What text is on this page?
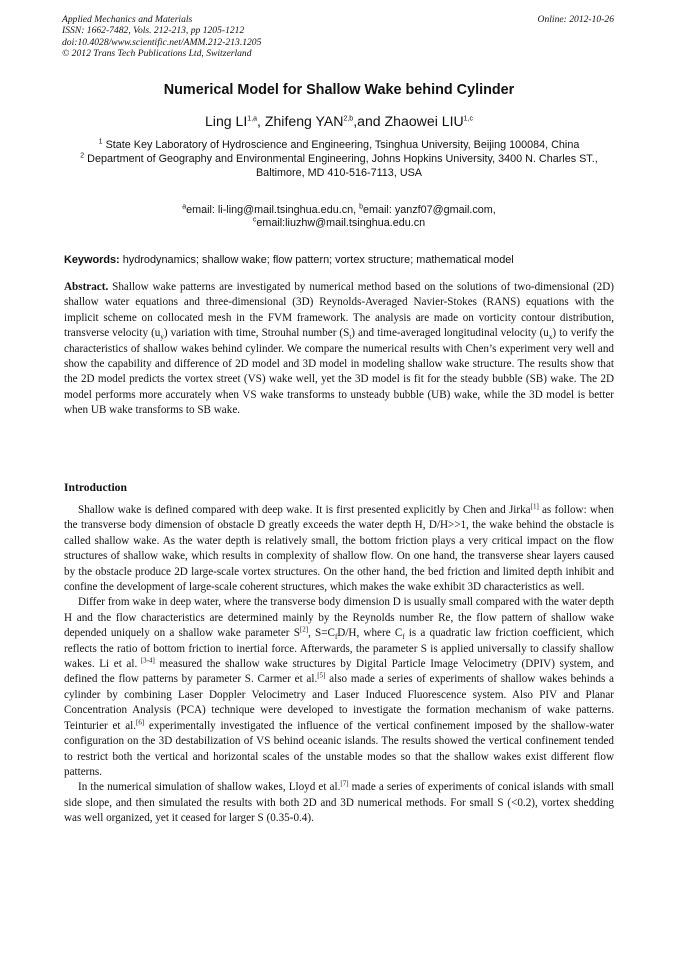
Applied Mechanics and Materials
ISSN: 1662-7482, Vols. 212-213, pp 1205-1212
doi:10.4028/www.scientific.net/AMM.212-213.1205
© 2012 Trans Tech Publications Ltd, Switzerland
Online: 2012-10-26
Numerical Model for Shallow Wake behind Cylinder
Ling LI$^{1,a}$, Zhifeng YAN$^{2,b}$,and Zhaowei LIU$^{1,c}$
$^1$ State Key Laboratory of Hydroscience and Engineering, Tsinghua University, Beijing 100084, China
$^2$ Department of Geography and Environmental Engineering, Johns Hopkins University, 3400 N. Charles ST., Baltimore, MD 410-516-7113, USA
$^a$email: li-ling@mail.tsinghua.edu.cn, $^b$email: yanzf07@gmail.com,
$^c$email:liuzhw@mail.tsinghua.edu.cn
Keywords: hydrodynamics; shallow wake; flow pattern; vortex structure; mathematical model

Abstract. Shallow wake patterns are investigated by numerical method based on the solutions of two-dimensional (2D) shallow water equations and three-dimensional (3D) Reynolds-Averaged Navier-Stokes (RANS) equations with the implicit scheme on collocated mesh in the FVM framework. The analysis are made on vorticity contour distribution, transverse velocity $(u_y)$ variation with time, Strouhal number $(S_t)$ and time-averaged longitudinal velocity $(u_x)$ to verify the characteristics of shallow wakes behind cylinder. We compare the numerical results with Chen’s experiment very well and show the capability and difference of 2D model and 3D model in modeling shallow wake structure. The results show that the 2D model predicts the vortex street (VS) wake well, yet the 3D model is fit for the steady bubble (SB) wake. The 2D model performs more accurately when VS wake transforms to unsteady bubble (UB) wake, while the 3D model is better when UB wake transforms to SB wake.

Introduction

Shallow wake is defined compared with deep wake. It is first presented explicitly by Chen and Jirka[1] as follow: when the transverse body dimension of obstacle D greatly exceeds the water depth H, D/H>>1, the wake behind the obstacle is called shallow wake. As the water depth is relatively small, the bottom friction plays a very critical impact on the flow structures of shallow wake, which results in complexity of shallow flow. On one hand, the transverse shear layers caused by the obstacle produce 2D large-scale vortex structures. On the other hand, the bed friction and limited depth inhibit and confine the development of large-scale coherent structures, which makes the wake exhibit 3D characteristics as well.

Differ from wake in deep water, where the transverse body dimension D is usually small compared with the water depth H and the flow characteristics are determined mainly by the Reynolds number Re, the flow pattern of shallow wake depended uniquely on a shallow wake parameter S[2], $S=C_fD/H$, where $C_f$ is a quadratic law friction coefficient, which reflects the ratio of bottom friction to inertial force. Afterwards, the parameter S is applied universally to classify shallow wakes. Li et al. [3-4] measured the shallow wake structures by Digital Particle Image Velocimetry (DPIV) system, and defined the flow patterns by parameter S. Carmer et al.[5] also made a series of experiments of shallow wakes behinds a cylinder by combining Laser Doppler Velocimetry and Laser Induced Fluorescence system. Also PIV and Planar Concentration Analysis (PCA) technique were developed to investigate the formation mechanism of wake patterns. Teinturier et al.[6] experimentally investigated the influence of the vertical confinement imposed by the shallow-water configuration on the 3D destabilization of VS behind oceanic islands. The results showed the vertical confinement tended to restrict both the vertical and horizontal scales of the unstable modes so that the shallow wakes exist different flow patterns.

In the numerical simulation of shallow wakes, Lloyd et al.[7] made a series of experiments of conical islands with small side slope, and then simulated the results with both 2D and 3D numerical methods. For small S (<0.2), vortex shedding was well organized, yet it ceased for larger S (0.35-0.4).
